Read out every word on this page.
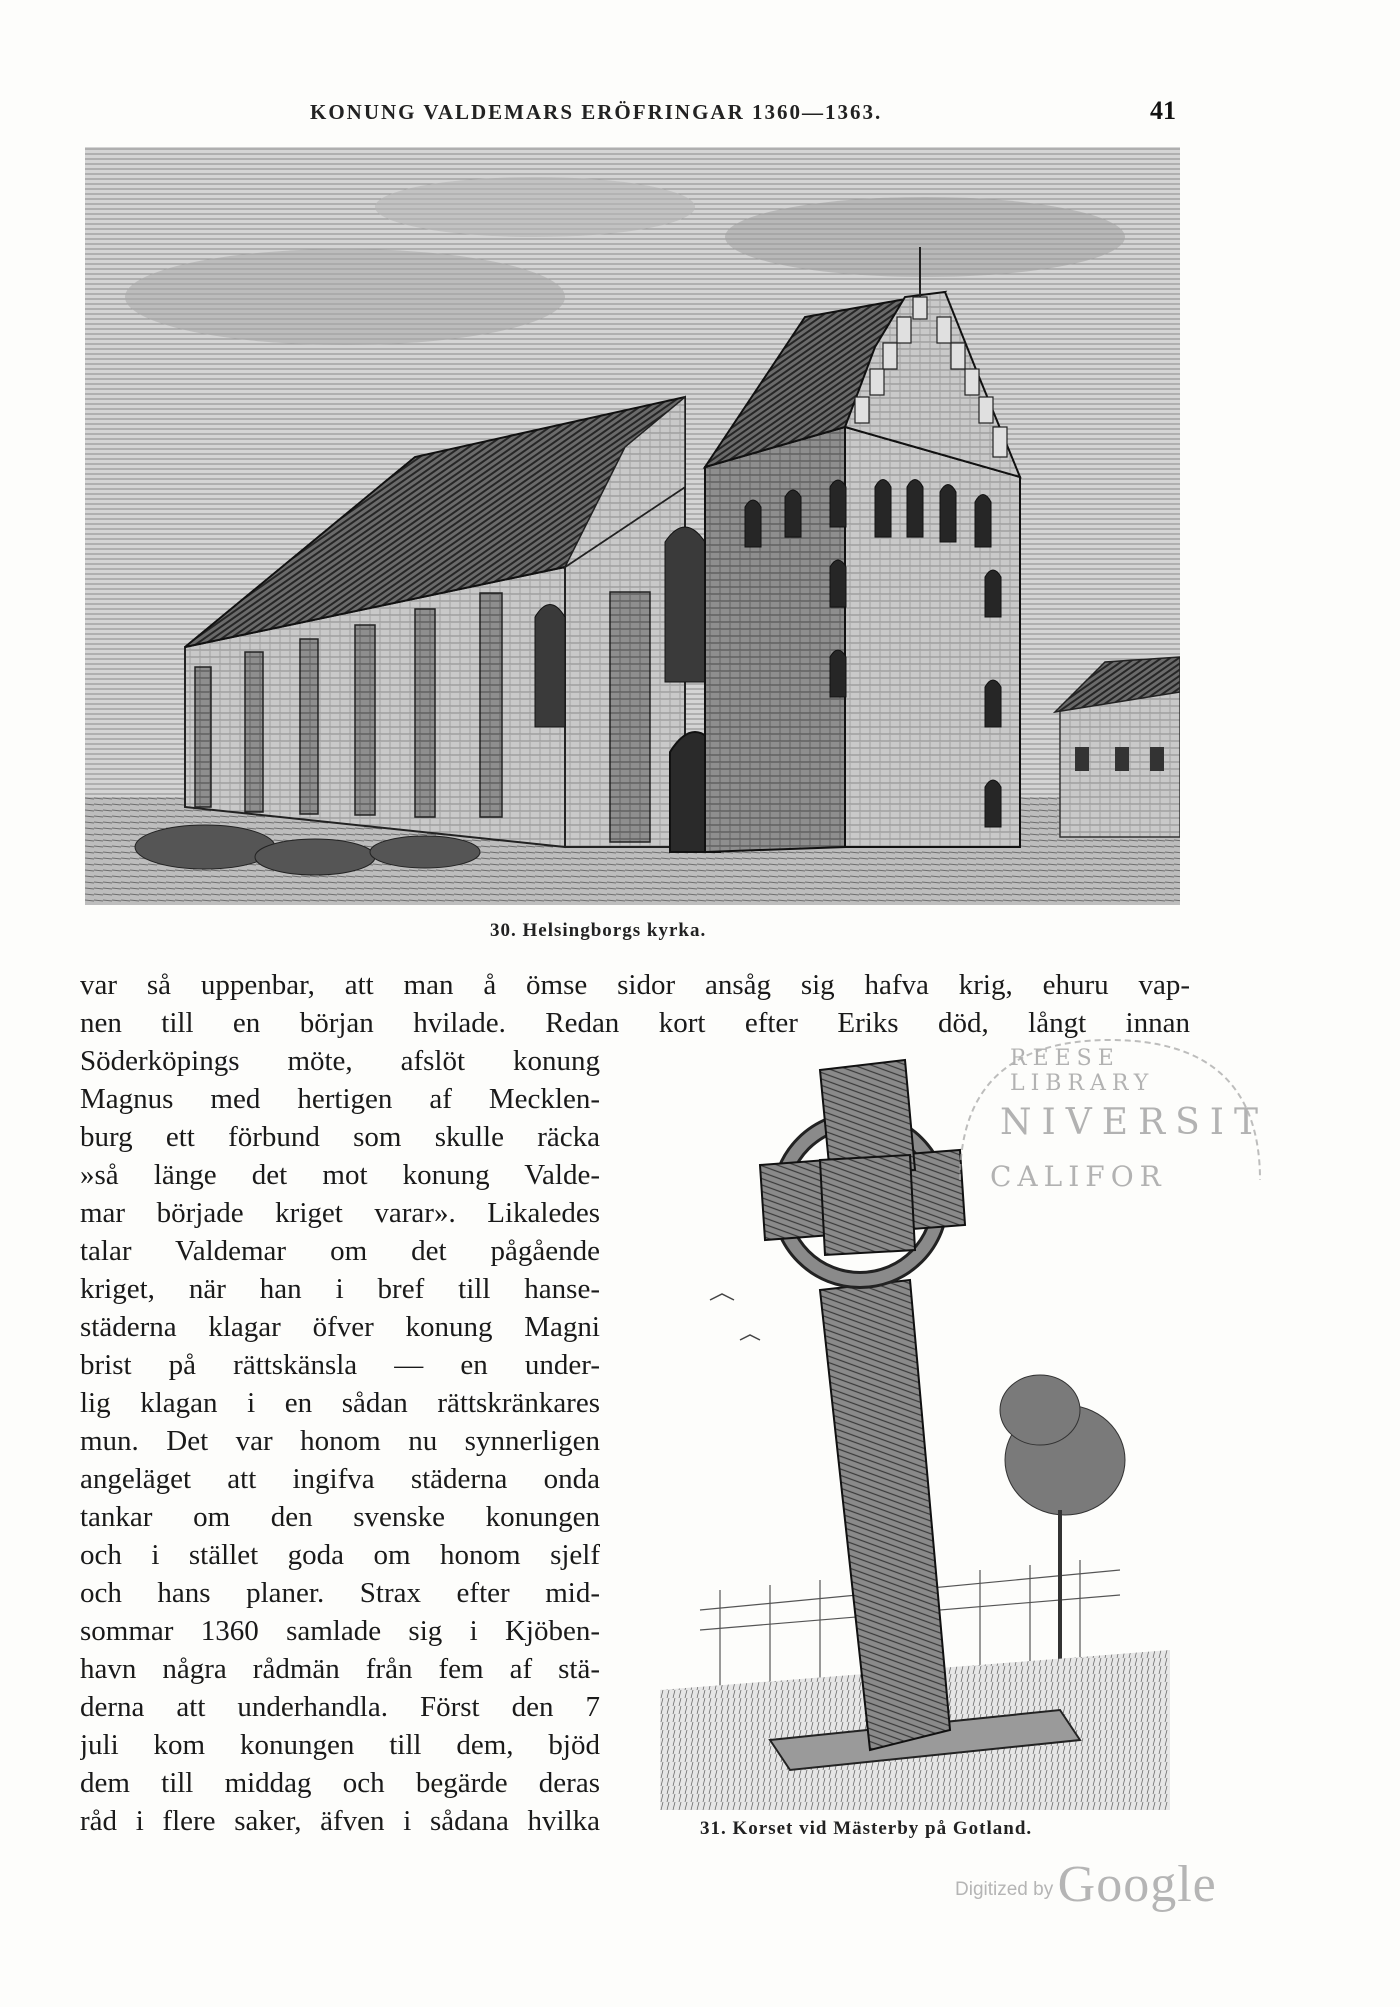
KONUNG VALDEMARS ERÖFRINGAR 1360—1363.	41
30. Helsingborgs kyrka.
var så uppenbar, att man å ömse sidor ansåg sig hafva krig, ehuru vap-
nen till en början hvilade. Redan kort efter Eriks död, långt innan
Söderköpings möte, afslöt konung
Magnus med hertigen af Mecklen-
burg ett förbund som skulle räcka
»så länge det mot konung Valde-
mar började kriget varar». Likaledes
talar Valdemar om det pågående
kriget, när han i bref till hanse-
städerna klagar öfver konung Magni
brist på rättskänsla — en under-
lig klagan i en sådan rättskränkares
mun. Det var honom nu synnerligen
angeläget att ingifva städerna onda
tankar om den svenske konungen
och i stället goda om honom sjelf
och hans planer. Strax efter mid-
sommar 1360 samlade sig i Kjöben-
havn några rådmän från fem af stä-
derna att underhandla. Först den 7
juli kom konungen till dem, bjöd
dem till middag och begärde deras
råd i flere saker, äfven i sådana hvilka	31. Korset vid Mästerby på Gotland.
REESE LIBRARY
NIVERSIT
CALIFOR
Digitized by Google
